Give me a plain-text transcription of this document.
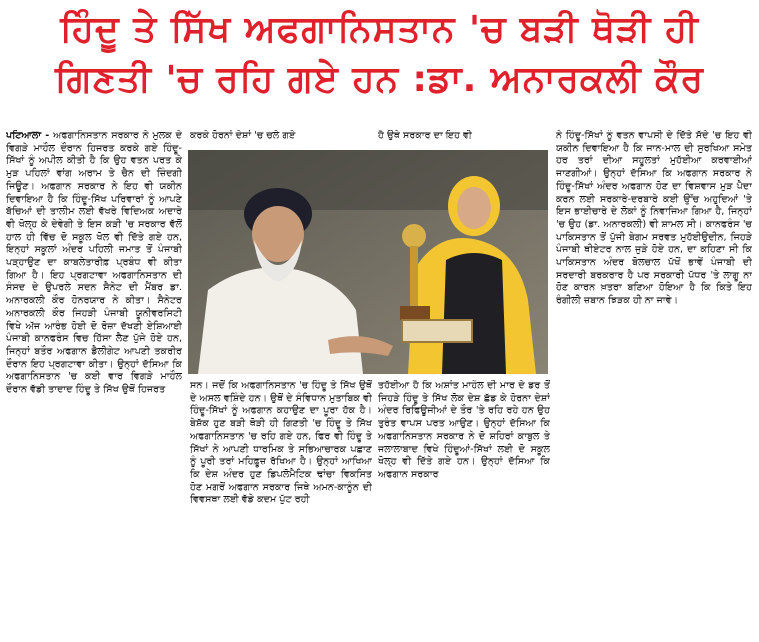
ਹਿੰਦੂ ਤੇ ਸਿੱਖ ਅਫਗਾਨਿਸਤਾਨ 'ਚ ਬੜੀ ਥੋੜੀ ਹੀ
ਗਿਣਤੀ 'ਚ ਰਹਿ ਗਏ ਹਨ :ਡਾ. ਅਨਾਰਕਲੀ ਕੌਰ
ਪਟਿਆਲਾ - ਅਫਗਾਨਿਸਤਾਨ ਸਰਕਾਰ ਨੇ ਮੁਲਕ ਦੇ ਵਿਗੜੇ ਮਾਹੌਲ ਦੌਰਾਨ ਹਿਜਰਤ ਕਰਕੇ ਗਏ ਹਿੰਦੂ-ਸਿੱਖਾਂ ਨੂੰ ਅਪੀਲ ਕੀਤੀ ਹੈ ਕਿ ਉਹ ਵਤਨ ਪਰਤ ਕੇ ਮੁੜ ਪਹਿਲਾਂ ਵਾਂਗ ਅਰਾਮ ਤੇ ਚੈਨ ਦੀ ਜ਼ਿੰਦਗੀ ਜਿਊਣ। ਅਫਗਾਨ ਸਰਕਾਰ ਨੇ ਇਹ ਵੀ ਯਕੀਨ ਦਿਵਾਇਆ ਹੈ ਕਿ ਹਿੰਦੂ-ਸਿੱਖ ਪਰਿਵਾਰਾਂ ਨੂੰ ਆਪਣੇ ਬੱਚਿਆਂ ਦੀ ਤਾਲੀਮ ਲਈ ਵੱਖਰੇ ਵਿਦਿਅਕ ਅਦਾਰੇ ਵੀ ਖੋਲ੍ਹ ਕੇ ਦੇਵੇਗੀ ਤੇ ਇਸ ਕੜੀ 'ਚ ਸਰਕਾਰ ਵੱਲੋਂ ਹਾਲ ਹੀ ਵਿੱਚ ਦੋ ਸਕੂਲ ਖੋਲ ਵੀ ਦਿੱਤੇ ਗਏ ਹਨ, ਇਨ੍ਹਾਂ ਸਕੂਲਾਂ ਅੰਦਰ ਪਹਿਲੀ ਜਮਾਤ ਤੋਂ ਪੰਜਾਬੀ ਪੜ੍ਹਾਉਣ ਦਾ ਕਾਬਲੇਤਾਰੀਫ਼ ਪ੍ਰਬੰਧ ਵੀ ਕੀਤਾ ਗਿਆ ਹੈ। ਇਹ ਪ੍ਰਗਟਾਵਾ ਅਫਗਾਨਿਸਤਾਨ ਦੀ ਸੰਸਦ ਦੇ ਉਪਰਲੇ ਸਦਨ ਸੈਨੇਟ ਦੀ ਮੈਂਬਰ ਡਾ. ਅਨਾਰਕਲੀ ਕੌਰ ਹੋਨਰਯਾਰ ਨੇ ਕੀਤਾ। ਸੈਨੇਟਰ ਅਨਾਰਕਲੀ ਕੌਰ ਜਿਹੜੀ ਪੰਜਾਬੀ ਯੂਨੀਵਰਸਿਟੀ ਵਿਖੇ ਅੱਜ ਆਰੰਭ ਹੋਈ ਦੋ ਰੋਜ਼ਾ ਦੱਖਣੀ ਏਸ਼ਿਆਈ ਪੰਜਾਬੀ ਕਾਨਫਰੰਸ ਵਿਚ ਹਿੱਸਾ ਲੈਣ ਪੁੱਜੇ ਹੋਏ ਹਨ, ਜਿਨ੍ਹਾਂ ਬਤੌਰ ਅਫਗਾਨ ਡੈਲੀਗੇਟ ਆਪਣੀ ਤਕਰੀਰ ਦੌਰਾਨ ਇਹ ਪ੍ਰਗਟਾਵਾ ਕੀਤਾ। ਉਨ੍ਹਾਂ ਦੱਸਿਆ ਕਿ ਅਫਗਾਨਿਸਤਾਨ 'ਚ ਕਈ ਵਾਰ ਵਿਗੜੇ ਮਾਹੌਲ ਦੌਰਾਨ ਵੱਡੀ ਤਾਦਾਦ ਹਿੰਦੂ ਤੇ ਸਿੱਖ ਉਥੋਂ ਹਿਜਰਤ
ਕਰਕੇ ਹੋਰਨਾਂ ਦੇਸ਼ਾਂ 'ਚ ਚਲੇ ਗਏ	ਹੈ ਉਥੇ ਸਰਕਾਰ ਦਾ ਇਹ ਵੀ
ਸਨ। ਜਦੋਂ ਕਿ ਅਫਗਾਨਿਸਤਾਨ 'ਚ ਹਿੰਦੂ ਤੇ ਸਿੱਖ ਉਥੋਂ ਦੇ ਅਸਲ ਵਸ਼ਿੰਦੇ ਹਨ। ਉਥੋਂ ਦੇ ਸੰਵਿਧਾਨ ਮੁਤਾਬਿਕ ਵੀ ਹਿੰਦੂ-ਸਿੱਖਾਂ ਨੂੰ ਅਫਗਾਨ ਕਹਾਉਣ ਦਾ ਪੂਰਾ ਹੱਕ ਹੈ। ਬੇਸ਼ੱਕ ਹੁਣ ਬੜੀ ਥੋੜੀ ਹੀ ਗਿਣਤੀ 'ਚ ਹਿੰਦੂ ਤੇ ਸਿੱਖ ਅਫਗਾਨਿਸਤਾਨ 'ਚ ਰਹਿ ਗਏ ਹਨ, ਫਿਰ ਵੀ ਹਿੰਦੂ ਤੇ ਸਿੱਖਾਂ ਨੇ ਆਪਣੀ ਧਾਰਮਿਕ ਤੇ ਸਭਿਆਚਾਰਕ ਪਛਾਣ ਨੂੰ ਪੂਰੀ ਤਰਾਂ ਮਹਿਫ਼ੂਜ਼ ਰੱਖਿਆ ਹੈ। ਉਨ੍ਹਾਂ ਆਖਿਆ ਕਿ ਦੇਸ਼ ਅੰਦਰ ਹੁਣ ਡਿਪਲੋਮੈਟਿਕ ਢਾਂਚਾ ਵਿਕਸਿਤ ਹੋਣ ਮਗਰੋਂ ਅਫਗਾਨ ਸਰਕਾਰ ਜਿਥੇ ਅਮਨ-ਕਾਨੂੰਨ ਦੀ ਵਿਵਸਥਾ ਲਈ ਵੱਡੇ ਕਦਮ ਪੁੱਟ ਰਹੀ
ਤਹੱਈਆ ਹੈ ਕਿ ਅਸ਼ਾਂਤ ਮਾਹੌਲ ਦੀ ਮਾਰ ਦੇ ਡਰ ਤੋਂ ਜਿਹੜੇ ਹਿੰਦੂ ਤੇ ਸਿੱਖ ਲੋਕ ਦੇਸ਼ ਛੱਡ ਕੇ ਹੋਰਨਾ ਦੇਸ਼ਾਂ ਅੰਦਰ ਰਿਫਿਊਜੀਆਂ ਦੇ ਤੌਰ 'ਤੇ ਰਹਿ ਰਹੇ ਹਨ ਉਹ ਤੁਰੰਤ ਵਾਪਸ ਪਰਤ ਆਉਣ। ਉਨ੍ਹਾਂ ਦੱਸਿਆ ਕਿ ਅਫਗਾਨਿਸਤਾਨ ਸਰਕਾਰ ਨੇ ਦੋ ਸ਼ਹਿਰਾਂ ਕਾਬੁਲ ਤੇ ਜਲਾਲਾਬਾਦ ਵਿਖੇ ਹਿੰਦੂਆਂ-ਸਿੱਖਾਂ ਲਈ ਦੋ ਸਕੂਲ ਖੋਲ੍ਹ ਵੀ ਦਿੱਤੇ ਗਏ ਹਨ। ਉਨ੍ਹਾਂ ਦੱਸਿਆ ਕਿ ਅਫਗਾਨ ਸਰਕਾਰ
ਨੇ ਹਿੰਦੂ-ਸਿੱਖਾਂ ਨੂੰ ਵਤਨ ਵਾਪਸੀ ਦੇ ਦਿੱਤੇ ਸੱਦੇ 'ਚ ਇਹ ਵੀ ਯਕੀਨ ਦਿਵਾਇਆ ਹੈ ਕਿ ਜਾਨ-ਮਾਲ ਦੀ ਸੁਰਖਿਆ ਸਮੇਤ ਹਰ ਤਰਾਂ ਦੀਆ ਸਹੂਲਤਾਂ ਮੁਹੱਈਆ ਕਰਵਾਈਆਂ ਜਾਣਗੀਆਂ। ਉਨ੍ਹਾਂ ਦੱਸਿਆ ਕਿ ਅਫਗਾਨ ਸਰਕਾਰ ਨੇ ਹਿੰਦੂ-ਸਿੱਖਾਂ ਅੰਦਰ ਅਫਗਾਨ ਹੋਣ ਦਾ ਵਿਸ਼ਵਾਸ ਮੁੜ ਪੈਦਾ ਕਰਨ ਲਈ ਸਰਕਾਰੇ-ਦਰਬਾਰੇ ਕਈ ਉੱਚ ਅਹੁਦਿਆਂ 'ਤੇ ਇਸ ਭਾਈਚਾਰੇ ਦੇ ਲੋਕਾਂ ਨੂੰ ਨਿਵਾਜਿਆ ਗਿਆ ਹੈ, ਜਿਨ੍ਹਾਂ 'ਚ ਉਹ (ਡਾ. ਅਨਾਰਕਲੀ) ਵੀ ਸ਼ਾਮਲ ਸੀ। ਕਾਨਫਰੰਸ 'ਚ ਪਾਕਿਸਤਾਨ ਤੋਂ ਪੁੱਜੀ ਬੇਗਮ ਸਰਵਤ ਮੁਹੱਈਉਦੀਨ, ਜਿਹੜੇ ਪੰਜਾਬੀ ਥੀਏਟਰ ਨਾਲ ਜੁੜੇ ਹੋਏ ਹਨ, ਦਾ ਕਹਿਣਾ ਸੀ ਕਿ ਪਾਕਿਸਤਾਨ ਅੰਦਰ ਬੋਲਚਾਲ ਪੱਖੋਂ ਭਾਵੇਂ ਪੰਜਾਬੀ ਦੀ ਸਰਦਾਰੀ ਬਰਕਰਾਰ ਹੈ ਪਰ ਸਰਕਾਰੀ ਪੱਧਰ 'ਤੇ ਲਾਗੂ ਨਾ ਹੋਣ ਕਾਰਨ ਖ਼ਤਰਾ ਬਣਿਆ ਹੋਇਆ ਹੈ ਕਿ ਕਿਤੇ ਇਹ ਰੰਗੀਲੀ ਜ਼ਬਾਨ ਝਿੜਕ ਹੀ ਨਾ ਜਾਵੇ।
